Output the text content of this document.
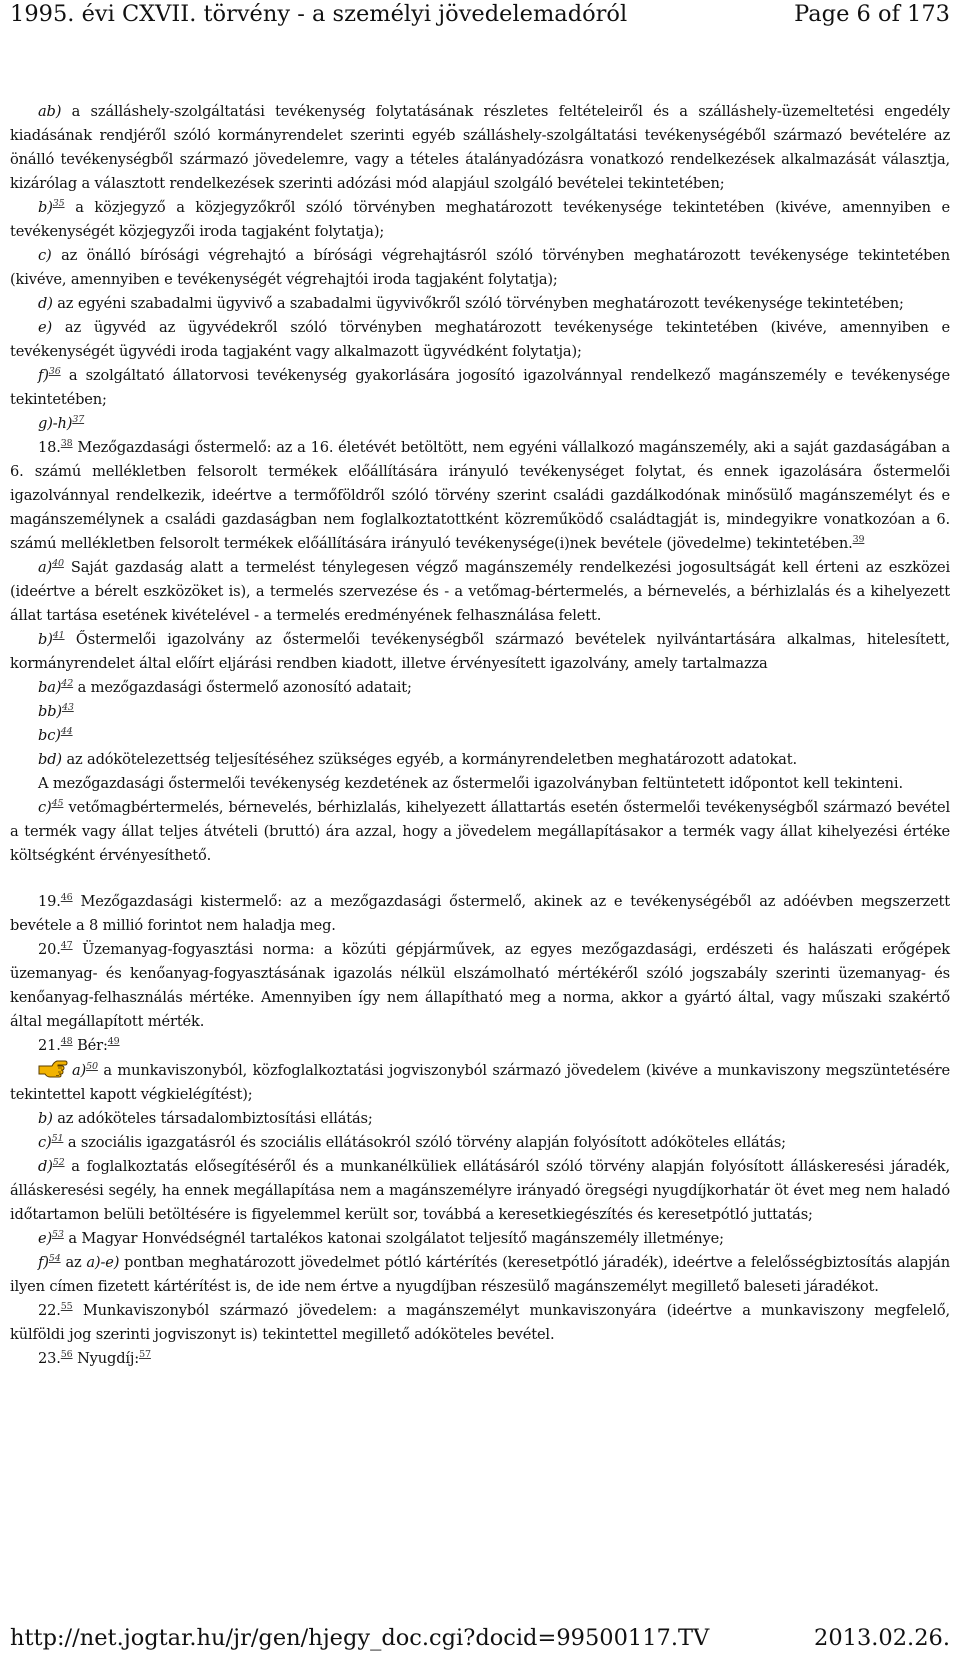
1995. évi CXVII. törvény - a személyi jövedelemadóról	Page 6 of 173

ab) a szálláshely-szolgáltatási tevékenység folytatásának részletes feltételeiről és a szálláshely-üzemeltetési engedély kiadásának rendjéről szóló kormányrendelet szerinti egyéb szálláshely-szolgáltatási tevékenységéből származó bevételére az önálló tevékenységből származó jövedelemre, vagy a tételes átalányadózásra vonatkozó rendelkezések alkalmazását választja, kizárólag a választott rendelkezések szerinti adózási mód alapjául szolgáló bevételei tekintetében;

b)$^{35}$ a közjegyző a közjegyzőkről szóló törvényben meghatározott tevékenysége tekintetében (kivéve, amennyiben e tevékenységét közjegyzői iroda tagjaként folytatja);

c) az önálló bírósági végrehajtó a bírósági végrehajtásról szóló törvényben meghatározott tevékenysége tekintetében (kivéve, amennyiben e tevékenységét végrehajtói iroda tagjaként folytatja);

d) az egyéni szabadalmi ügyvivő a szabadalmi ügyvivőkről szóló törvényben meghatározott tevékenysége tekintetében;

e) az ügyvéd az ügyvédekről szóló törvényben meghatározott tevékenysége tekintetében (kivéve, amennyiben e tevékenységét ügyvédi iroda tagjaként vagy alkalmazott ügyvédként folytatja);

f)$^{36}$ a szolgáltató állatorvosi tevékenység gyakorlására jogosító igazolvánnyal rendelkező magánszemély e tevékenysége tekintetében;

g)-h)$^{37}$

18.38 Mezőgazdasági őstermelő: az a 16. életévét betöltött, nem egyéni vállalkozó magánszemély, aki a saját gazdaságában a 6. számú mellékletben felsorolt termékek előállítására irányuló tevékenységet folytat, és ennek igazolására őstermelői igazolvánnyal rendelkezik, ideértve a termőföldről szóló törvény szerint családi gazdálkodónak minősülő magánszemélyt és e magánszemélynek a családi gazdaságban nem foglalkoztatottként közreműködő családtagját is, mindegyikre vonatkozóan a 6. számú mellékletben felsorolt termékek előállítására irányuló tevékenysége(i)nek bevétele (jövedelme) tekintetében.$^{39}$

a)$^{40}$ Saját gazdaság alatt a termelést ténylegesen végző magánszemély rendelkezési jogosultságát kell érteni az eszközei (ideértve a bérelt eszközöket is), a termelés szervezése és - a vetőmag-bértermelés, a bérnevelés, a bérhizlalás és a kihelyezett állat tartása esetének kivételével - a termelés eredményének felhasználása felett.

b)$^{41}$ Őstermelői igazolvány az őstermelői tevékenységből származó bevételek nyilvántartására alkalmas, hitelesített, kormányrendelet által előírt eljárási rendben kiadott, illetve érvényesített igazolvány, amely tartalmazza

ba)$^{42}$ a mezőgazdasági őstermelő azonosító adatait;

bb)$^{43}$

bc)$^{44}$

bd) az adókötelezettség teljesítéséhez szükséges egyéb, a kormányrendeletben meghatározott adatokat.

A mezőgazdasági őstermelői tevékenység kezdetének az őstermelői igazolványban feltüntetett időpontot kell tekinteni.

c)$^{45}$ vetőmagbértermelés, bérnevelés, bérhizlalás, kihelyezett állattartás esetén őstermelői tevékenységből származó bevétel a termék vagy állat teljes átvételi (bruttó) ára azzal, hogy a jövedelem megállapításakor a termék vagy állat kihelyezési értéke költségként érvényesíthető.

19.46 Mezőgazdasági kistermelő: az a mezőgazdasági őstermelő, akinek az e tevékenységéből az adóévben megszerzett bevétele a 8 millió forintot nem haladja meg.

20.47 Üzemanyag-fogyasztási norma: a közúti gépjárművek, az egyes mezőgazdasági, erdészeti és halászati erőgépek üzemanyag- és kenőanyag-fogyasztásának igazolás nélkül elszámolható mértékéről szóló jogszabály szerinti üzemanyag- és kenőanyag-felhasználás mértéke. Amennyiben így nem állapítható meg a norma, akkor a gyártó által, vagy műszaki szakértő által megállapított mérték.

21.48 Bér:$^{49}$

a)$^{50}$ a munkaviszonyból, közfoglalkoztatási jogviszonyból származó jövedelem (kivéve a munkaviszony megszüntetésére tekintettel kapott végkielégítést);

b) az adóköteles társadalombiztosítási ellátás;

c)$^{51}$ a szociális igazgatásról és szociális ellátásokról szóló törvény alapján folyósított adóköteles ellátás;

d)$^{52}$ a foglalkoztatás elősegítéséről és a munkanélküliek ellátásáról szóló törvény alapján folyósított álláskeresési járadék, álláskeresési segély, ha ennek megállapítása nem a magánszemélyre irányadó öregségi nyugdíjkorhatár öt évet meg nem haladó időtartamon belüli betöltésére is figyelemmel került sor, továbbá a keresetkiegészítés és keresetpótló juttatás;

e)$^{53}$ a Magyar Honvédségnél tartalékos katonai szolgálatot teljesítő magánszemély illetménye;

f)$^{54}$ az a)-e) pontban meghatározott jövedelmet pótló kártérítés (keresetpótló járadék), ideértve a felelősségbiztosítás alapján ilyen címen fizetett kártérítést is, de ide nem értve a nyugdíjban részesülő magánszemélyt megillető baleseti járadékot.

22.55 Munkaviszonyból származó jövedelem: a magánszemélyt munkaviszonyára (ideértve a munkaviszony megfelelő, külföldi jog szerinti jogviszonyt is) tekintettel megillető adóköteles bevétel.

23.56 Nyugdíj:$^{57}$

http://net.jogtar.hu/jr/gen/hjegy_doc.cgi?docid=99500117.TV	2013.02.26.
